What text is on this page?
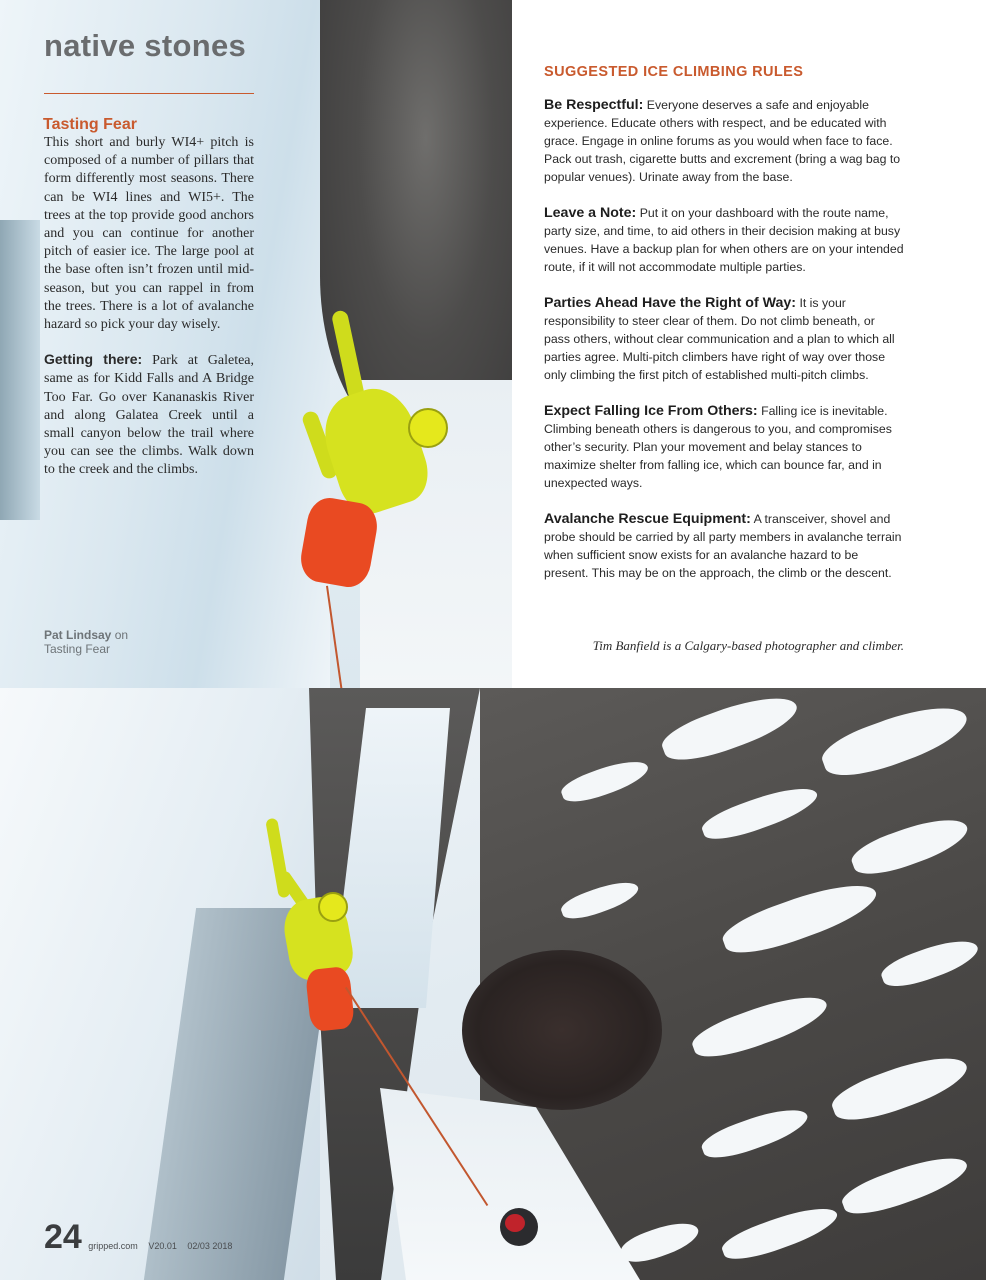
native stones

Tasting Fear

This short and burly WI4+ pitch is composed of a number of pillars that form differently most seasons. There can be WI4 lines and WI5+. The trees at the top provide good anchors and you can continue for another pitch of easier ice. The large pool at the base often isn’t frozen until mid-season, but you can rappel in from the trees. There is a lot of avalanche hazard so pick your day wisely.

Getting there: Park at Galetea, same as for Kidd Falls and A Bridge Too Far. Go over Kananaskis River and along Galatea Creek until a small canyon below the trail where you can see the climbs. Walk down to the creek and the climbs.

Pat Lindsay on
Tasting Fear
SUGGESTED ICE CLIMBING RULES

Be Respectful: Everyone deserves a safe and enjoyable experience. Educate others with respect, and be educated with grace. Engage in online forums as you would when face to face. Pack out trash, cigarette butts and excrement (bring a wag bag to popular venues). Urinate away from the base.

Leave a Note: Put it on your dashboard with the route name, party size, and time, to aid others in their decision making at busy venues. Have a backup plan for when others are on your intended route, if it will not accommodate multiple parties.

Parties Ahead Have the Right of Way: It is your responsibility to steer clear of them. Do not climb beneath, or pass others, without clear communication and a plan to which all parties agree. Multi-pitch climbers have right of way over those only climbing the first pitch of established multi-pitch climbs.

Expect Falling Ice From Others: Falling ice is inevitable. Climbing beneath others is dangerous to you, and compromises other’s security. Plan your movement and belay stances to maximize shelter from falling ice, which can bounce far, and in unexpected ways.

Avalanche Rescue Equipment: A transceiver, shovel and probe should be carried by all party members in avalanche terrain when sufficient snow exists for an avalanche hazard to be present. This may be on the approach, the climb or the descent.

Tim Banfield is a Calgary-based photographer and climber.
24 gripped.com V20.01 02/03 2018
